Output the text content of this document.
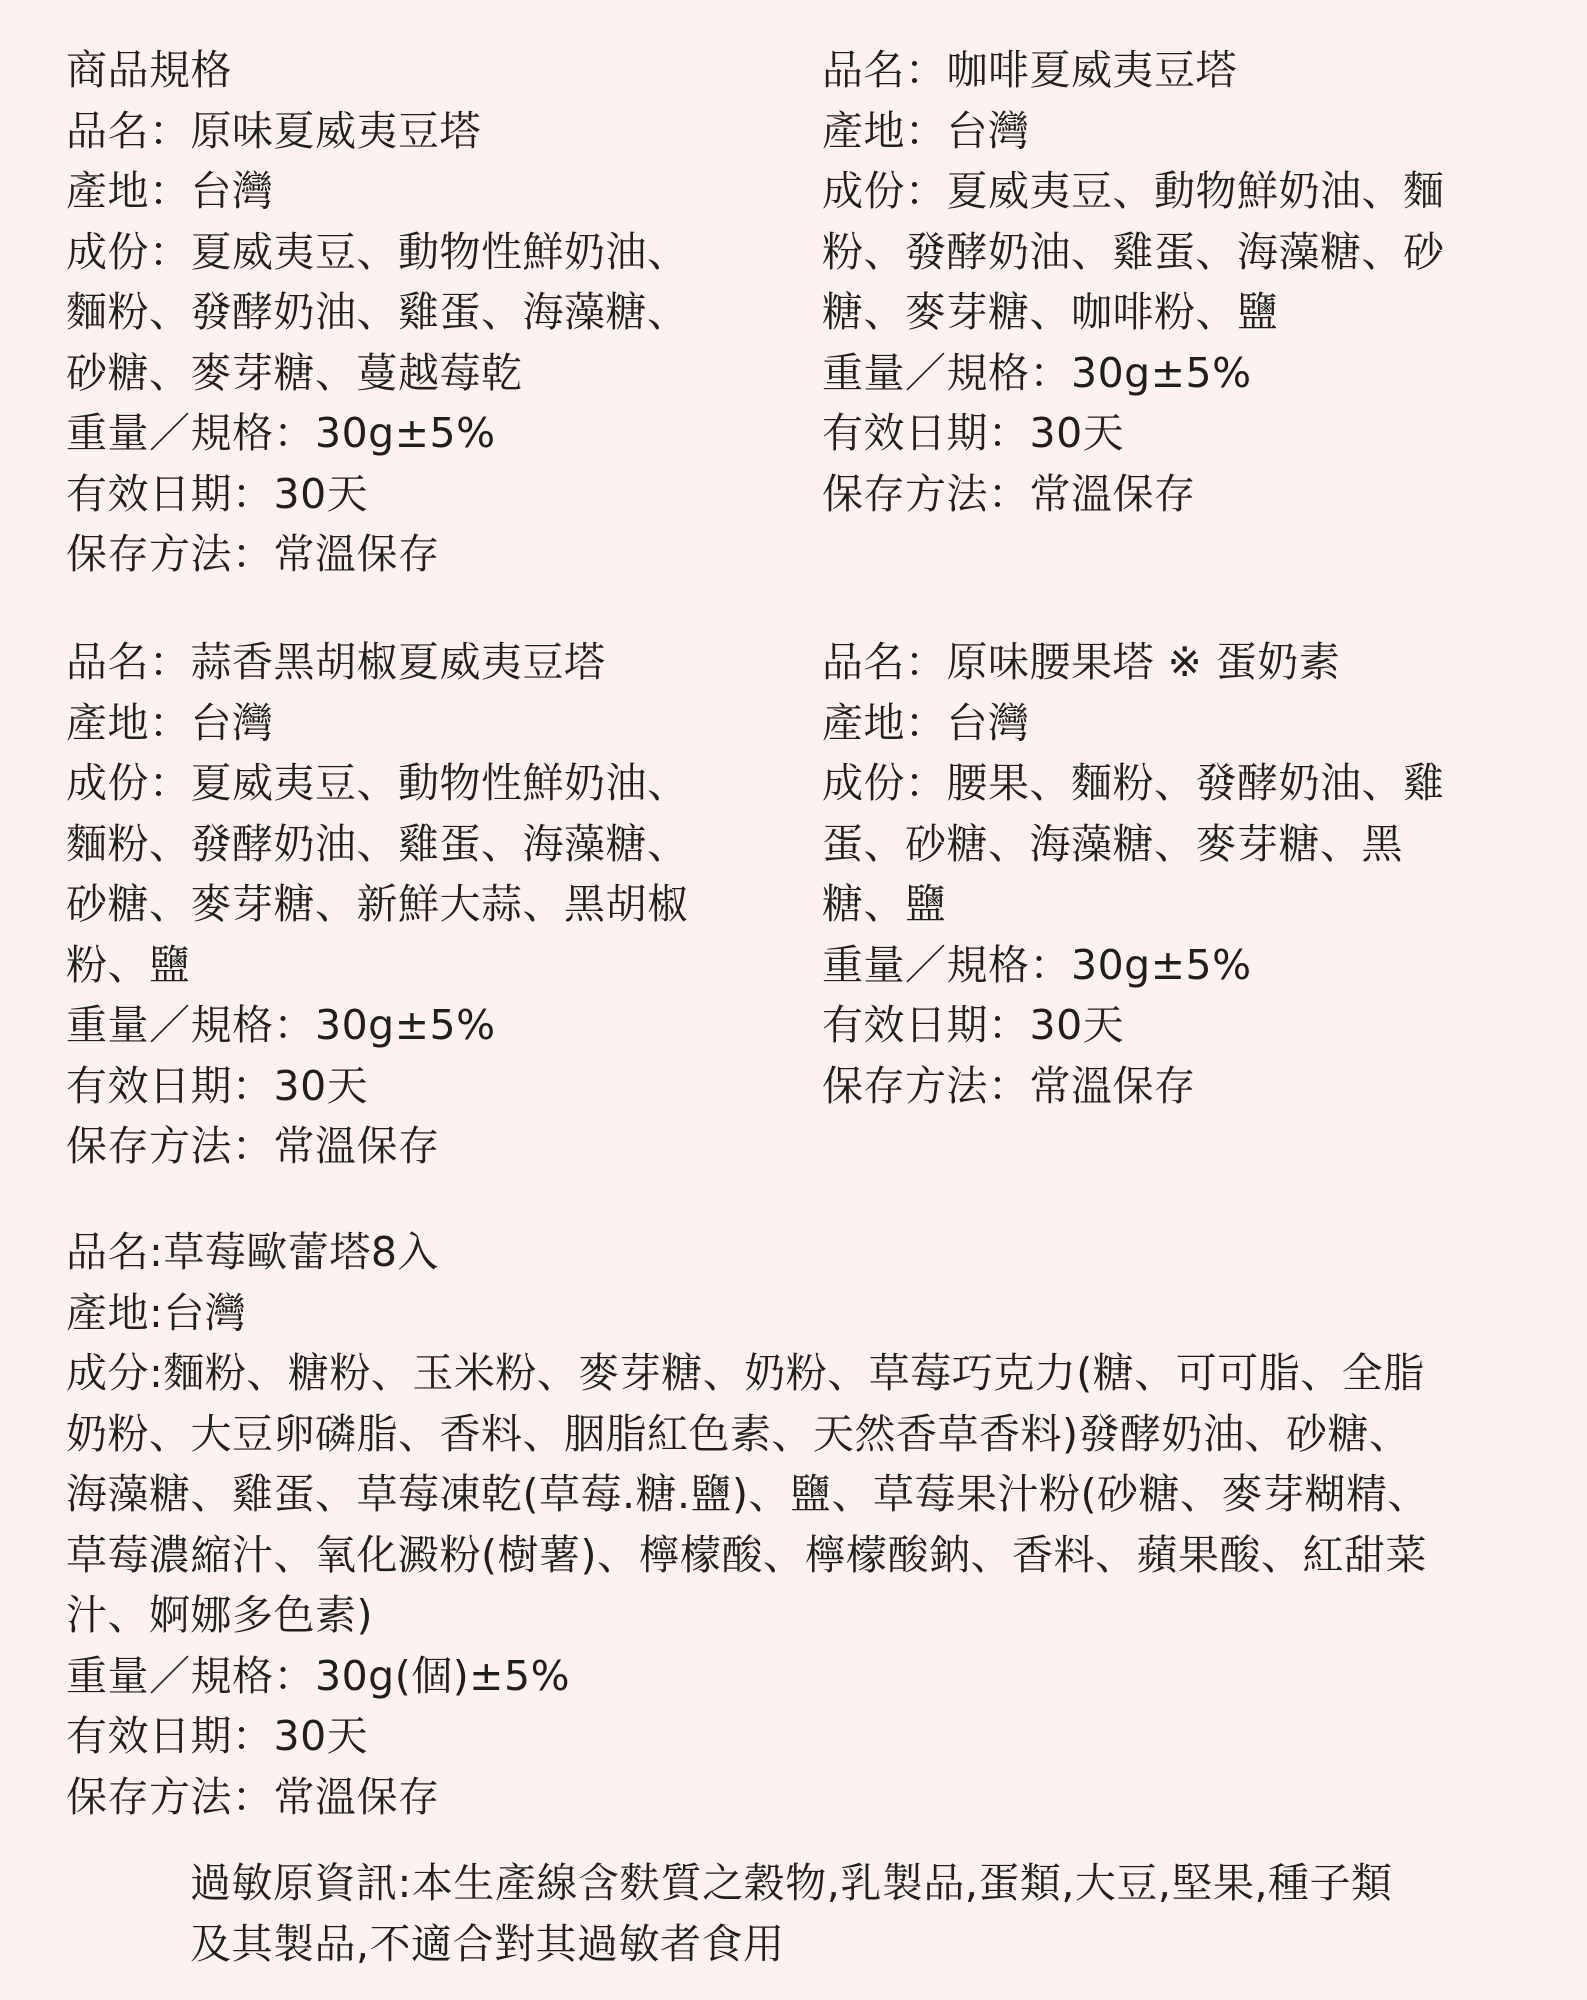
商品規格
品名：原味夏威夷豆塔
產地：台灣
成份：夏威夷豆、動物性鮮奶油、
麵粉、發酵奶油、雞蛋、海藻糖、
砂糖、麥芽糖、蔓越莓乾
重量／規格：30g±5%
有效日期：30天
保存方法：常溫保存
品名：咖啡夏威夷豆塔
產地：台灣
成份：夏威夷豆、動物鮮奶油、麵
粉、發酵奶油、雞蛋、海藻糖、砂
糖、麥芽糖、咖啡粉、鹽
重量／規格：30g±5%
有效日期：30天
保存方法：常溫保存
品名：蒜香黑胡椒夏威夷豆塔
產地：台灣
成份：夏威夷豆、動物性鮮奶油、
麵粉、發酵奶油、雞蛋、海藻糖、
砂糖、麥芽糖、新鮮大蒜、黑胡椒
粉、鹽
重量／規格：30g±5%
有效日期：30天
保存方法：常溫保存
品名：原味腰果塔 ※ 蛋奶素
產地：台灣
成份：腰果、麵粉、發酵奶油、雞
蛋、砂糖、海藻糖、麥芽糖、黑
糖、鹽
重量／規格：30g±5%
有效日期：30天
保存方法：常溫保存
品名:草莓歐蕾塔8入
產地:台灣
成分:麵粉、糖粉、玉米粉、麥芽糖、奶粉、草莓巧克力(糖、可可脂、全脂
奶粉、大豆卵磷脂、香料、胭脂紅色素、天然香草香料)發酵奶油、砂糖、
海藻糖、雞蛋、草莓凍乾(草莓.糖.鹽)、鹽、草莓果汁粉(砂糖、麥芽糊精、
草莓濃縮汁、氧化澱粉(樹薯)、檸檬酸、檸檬酸鈉、香料、蘋果酸、紅甜菜
汁、婀娜多色素)
重量／規格：30g(個)±5%
有效日期：30天
保存方法：常溫保存
過敏原資訊:本生產線含麩質之穀物,乳製品,蛋類,大豆,堅果,種子類
及其製品,不適合對其過敏者食用
